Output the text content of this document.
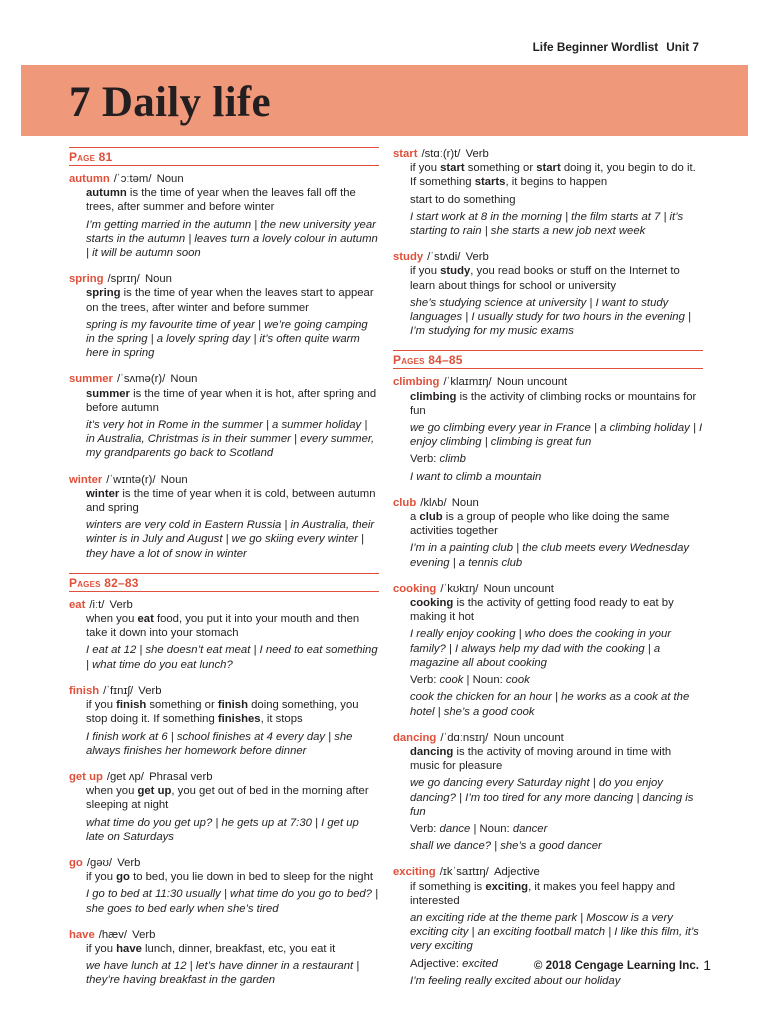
Life Beginner Wordlist Unit 7
7 Daily life
Page 81
autumn /ˈɔːtəm/ Noun
autumn is the time of year when the leaves fall off the trees, after summer and before winter
I’m getting married in the autumn | the new university year starts in the autumn | leaves turn a lovely colour in autumn | it will be autumn soon
spring /sprɪŋ/ Noun
spring is the time of year when the leaves start to appear on the trees, after winter and before summer
spring is my favourite time of year | we’re going camping in the spring | a lovely spring day | it’s often quite warm here in spring
summer /ˈsʌmə(r)/ Noun
summer is the time of year when it is hot, after spring and before autumn
it’s very hot in Rome in the summer | a summer holiday | in Australia, Christmas is in their summer | every summer, my grandparents go back to Scotland
winter /ˈwɪntə(r)/ Noun
winter is the time of year when it is cold, between autumn and spring
winters are very cold in Eastern Russia | in Australia, their winter is in July and August | we go skiing every winter | they have a lot of snow in winter
Pages 82–83
eat /iːt/ Verb
when you eat food, you put it into your mouth and then take it down into your stomach
I eat at 12 | she doesn’t eat meat | I need to eat something | what time do you eat lunch?
finish /ˈfɪnɪʃ/ Verb
if you finish something or finish doing something, you stop doing it. If something finishes, it stops
I finish work at 6 | school finishes at 4 every day | she always finishes her homework before dinner
get up /ɡet ʌp/ Phrasal verb
when you get up, you get out of bed in the morning after sleeping at night
what time do you get up? | he gets up at 7:30 | I get up late on Saturdays
go /ɡəʊ/ Verb
if you go to bed, you lie down in bed to sleep for the night
I go to bed at 11:30 usually | what time do you go to bed? | she goes to bed early when she’s tired
have /hæv/ Verb
if you have lunch, dinner, breakfast, etc, you eat it
we have lunch at 12 | let’s have dinner in a restaurant | they’re having breakfast in the garden
start /stɑː(r)t/ Verb
if you start something or start doing it, you begin to do it. If something starts, it begins to happen
start to do something
I start work at 8 in the morning | the film starts at 7 | it’s starting to rain | she starts a new job next week
study /ˈstʌdi/ Verb
if you study, you read books or stuff on the Internet to learn about things for school or university
she’s studying science at university | I want to study languages | I usually study for two hours in the evening | I’m studying for my music exams
Pages 84–85
climbing /ˈklaɪmɪŋ/ Noun uncount
climbing is the activity of climbing rocks or mountains for fun
we go climbing every year in France | a climbing holiday | I enjoy climbing | climbing is great fun
Verb: climb
I want to climb a mountain
club /klʌb/ Noun
a club is a group of people who like doing the same activities together
I’m in a painting club | the club meets every Wednesday evening | a tennis club
cooking /ˈkʊkɪŋ/ Noun uncount
cooking is the activity of getting food ready to eat by making it hot
I really enjoy cooking | who does the cooking in your family? | I always help my dad with the cooking | a magazine all about cooking
Verb: cook | Noun: cook
cook the chicken for an hour | he works as a cook at the hotel | she’s a good cook
dancing /ˈdɑːnsɪŋ/ Noun uncount
dancing is the activity of moving around in time with music for pleasure
we go dancing every Saturday night | do you enjoy dancing? | I’m too tired for any more dancing | dancing is fun
Verb: dance | Noun: dancer
shall we dance? | she’s a good dancer
exciting /ɪkˈsaɪtɪŋ/ Adjective
if something is exciting, it makes you feel happy and interested
an exciting ride at the theme park | Moscow is a very exciting city | an exciting football match | I like this film, it’s very exciting
Adjective: excited
I’m feeling really excited about our holiday
© 2018 Cengage Learning Inc. 1
